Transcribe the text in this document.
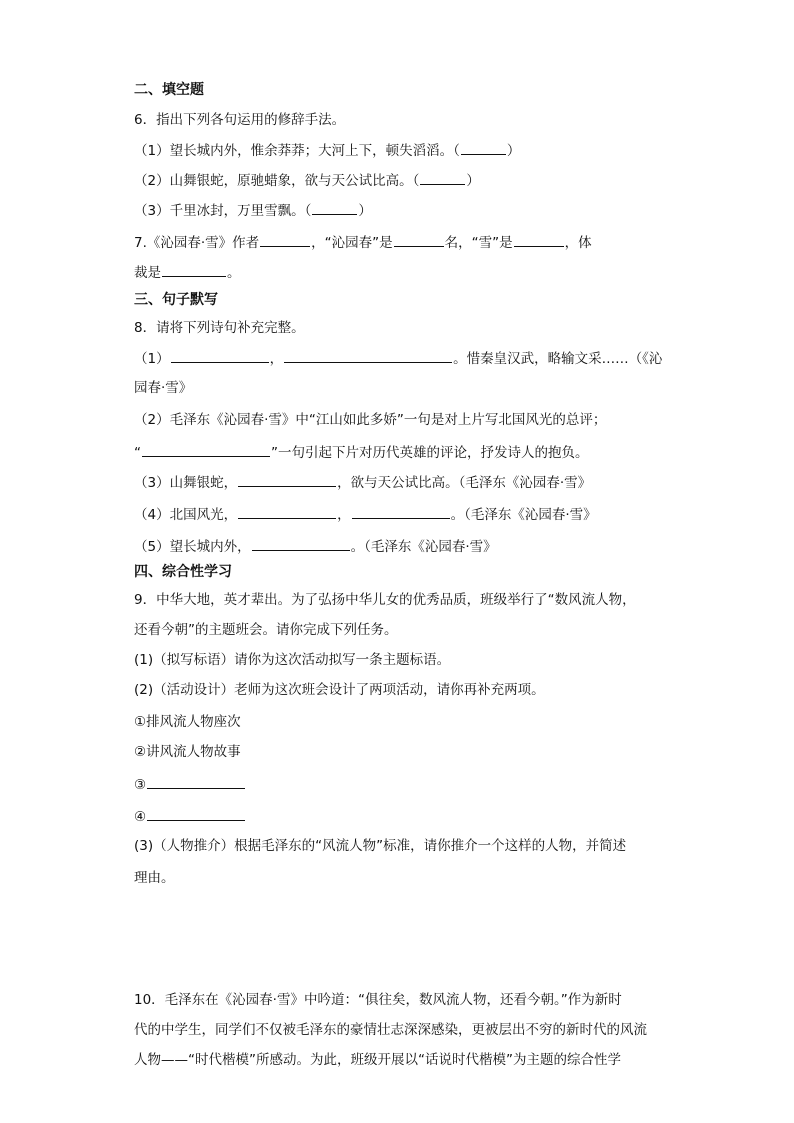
二、填空题
6．指出下列各句运用的修辞手法。
（1）望长城内外，惟余莽莽；大河上下，顿失滔滔。（	）
（2）山舞银蛇，原驰蜡象，欲与天公试比高。（	）
（3）千里冰封，万里雪飘。（	）
7.《沁园春·雪》作者	，“沁园春”是	名，“雪”是	，体
裁是	。
三、句子默写
8．请将下列诗句补充完整。
（1）	，	。惜秦皇汉武，略输文采……（《沁
园春·雪》
（2）毛泽东《沁园春·雪》中“江山如此多娇”一句是对上片写北国风光的总评；
“	”一句引起下片对历代英雄的评论，抒发诗人的抱负。
（3）山舞银蛇，	，欲与天公试比高。（毛泽东《沁园春·雪》
（4）北国风光，	，	。（毛泽东《沁园春·雪》
（5）望长城内外，	。（毛泽东《沁园春·雪》
四、综合性学习
9．中华大地，英才辈出。为了弘扬中华儿女的优秀品质，班级举行了“数风流人物，
还看今朝”的主题班会。请你完成下列任务。
(1)（拟写标语）请你为这次活动拟写一条主题标语。
(2)（活动设计）老师为这次班会设计了两项活动，请你再补充两项。
①排风流人物座次
②讲风流人物故事
③
④
(3)（人物推介）根据毛泽东的“风流人物”标准，请你推介一个这样的人物，并简述
理由。
10．毛泽东在《沁园春·雪》中吟道：“俱往矣，数风流人物，还看今朝。”作为新时
代的中学生，同学们不仅被毛泽东的豪情壮志深深感染，更被层出不穷的新时代的风流
人物——“时代楷模”所感动。为此，班级开展以“话说时代楷模”为主题的综合性学
